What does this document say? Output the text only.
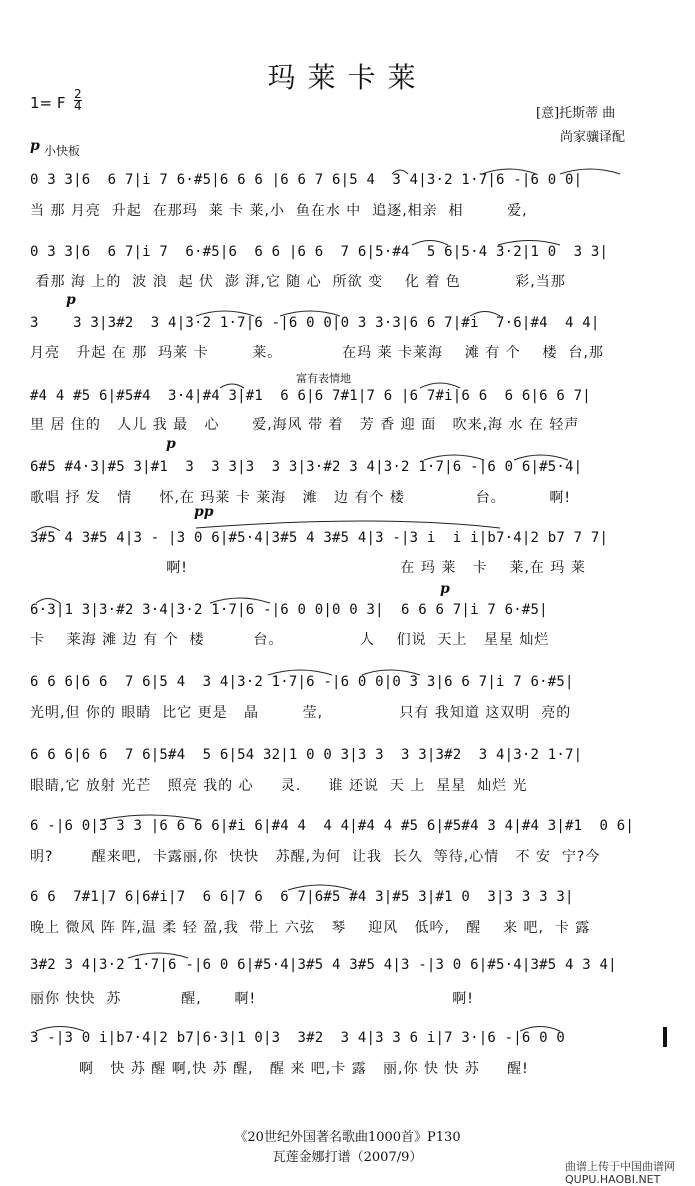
玛莱卡莱
1= F 2
4	[意]托斯蒂 曲
尚家骧译配
p 小快板
p
富有表情地
p
pp
p
0 3 3|6  6 7|i 7 6·#5|6 6 6 |6 6 7 6|5 4  3 4|3·2 1·7|6 -|6 0 0|
当 那 月亮  升起  在那玛  莱 卡 莱,小  鱼在水 中  追逐,相亲  相        爱,
0 3 3|6  6 7|i 7  6·#5|6  6 6 |6 6  7 6|5·#4  5 6|5·4 3·2|1 0  3 3|
看那 海 上的  波 浪  起 伏  澎 湃,它 随 心  所欲 变    化 着 色          彩,当那
3    3 3|3#2  3 4|3·2 1·7|6 -|6 0 0|0 3 3·3|6 6 7|#i  7·6|#4  4 4|
月亮   升起 在 那  玛莱 卡        莱。           在玛 莱 卡莱海    滩 有 个    楼  台,那
#4 4 #5 6|#5#4  3·4|#4 3|#1  6 6|6 7#1|7 6 |6 7#i|6 6  6 6|6 6 7|
里 居 住的   人儿 我 最   心      爱,海风 带 着   芳 香 迎 面   吹来,海 水 在 轻声
6#5 #4·3|#5 3|#1  3  3 3|3  3 3|3·#2 3 4|3·2 1·7|6 -|6 0 6|#5·4|
歌唱 抒 发   情     怀,在 玛莱 卡 莱海   滩   边 有个 楼             台。        啊!
3#5 4 3#5 4|3 - |3 0 6|#5·4|3#5 4 3#5 4|3 -|3 i  i i|b7·4|2 b7 7 7|
啊!                                       在 玛 莱   卡    莱,在 玛 莱
6·3|1 3|3·#2 3·4|3·2 1·7|6 -|6 0 0|0 0 3|  6 6 6 7|i 7 6·#5|
卡    莱海 滩 边 有 个  楼         台。              人    们说  天上   星星 灿烂
6 6 6|6 6  7 6|5 4  3 4|3·2 1·7|6 -|6 0 0|0 3 3|6 6 7|i 7 6·#5|
光明,但 你的 眼睛  比它 更是   晶        莹,              只有 我知道 这双明  亮的
6 6 6|6 6  7 6|5#4  5 6|54 32|1 0 0 3|3 3  3 3|3#2  3 4|3·2 1·7|
眼睛,它 放射 光芒   照亮 我的 心     灵.     谁 还说  天 上  星星  灿烂 光
6 -|6 0|3 3 3 |6 6 6 6|#i 6|#4 4  4 4|#4 4 #5 6|#5#4 3 4|#4 3|#1  0 6|
明?       醒来吧,  卡露丽,你  快快   苏醒,为何  让我  长久  等待,心情   不 安  宁?今
6 6  7#1|7 6|6#i|7  6 6|7 6  6 7|6#5 #4 3|#5 3|#1 0  3|3 3 3 3|
晚上 微风 阵 阵,温 柔 轻 盈,我  带上 六弦   琴    迎风   低吟,   醒    来 吧,  卡 露
3#2 3 4|3·2 1·7|6 -|6 0 6|#5·4|3#5 4 3#5 4|3 -|3 0 6|#5·4|3#5 4 3 4|
丽你 快快  苏           醒,      啊!                                    啊!
3 -|3 0 i|b7·4|2 b7|6·3|1 0|3  3#2  3 4|3 3 6 i|7 3·|6 -|6 0 0
啊   快 苏 醒 啊,快 苏 醒,   醒 来 吧,卡 露   丽,你 快 快 苏     醒!
《20世纪外国著名歌曲1000首》P130
瓦莲金娜打谱（2007/9）
曲谱上传于中国曲谱网
QUPU.HAOBI.NET
